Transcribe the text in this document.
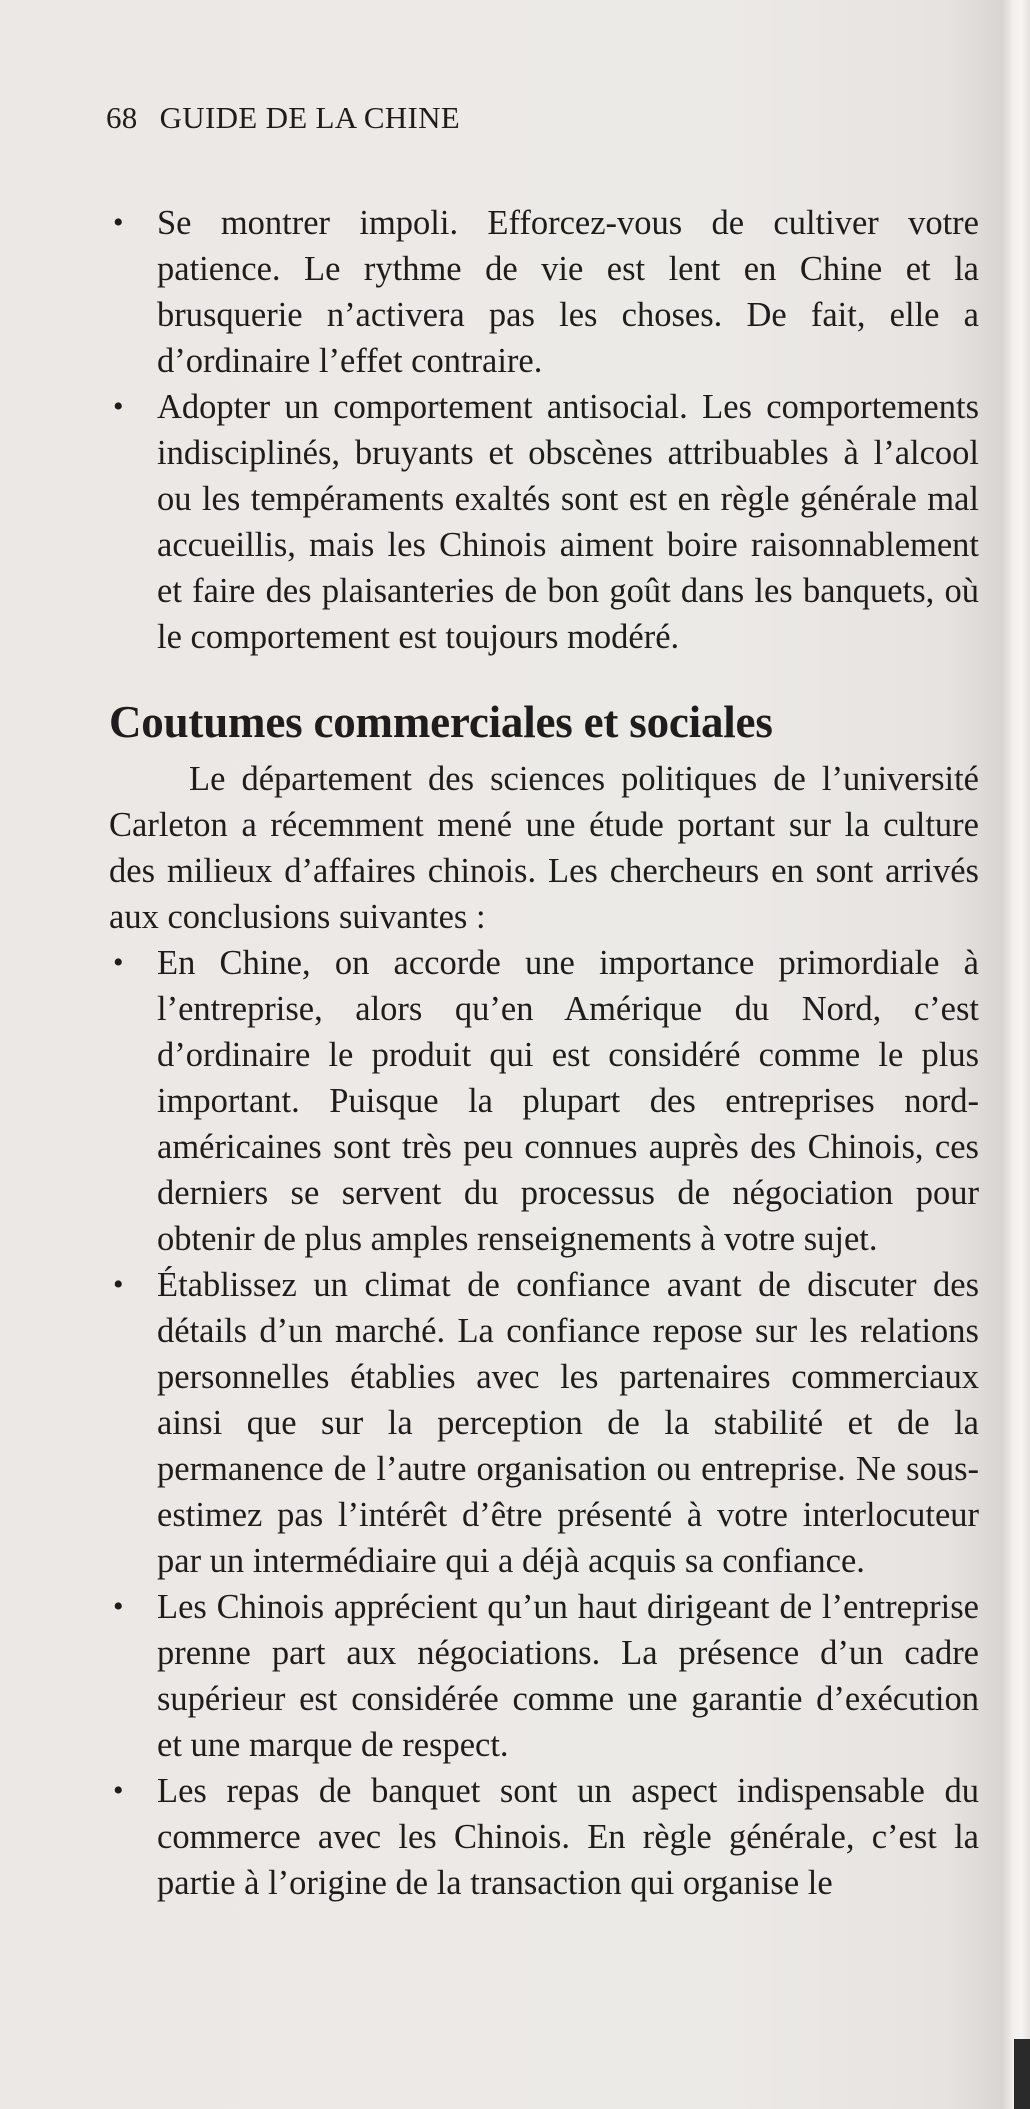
68 GUIDE DE LA CHINE
• Se montrer impoli. Efforcez-vous de cultiver votre patience. Le rythme de vie est lent en Chine et la brusquerie n’activera pas les choses. De fait, elle a d’ordinaire l’effet contraire.
• Adopter un comportement antisocial. Les comportements indisciplinés, bruyants et obscènes attribuables à l’alcool ou les tempéraments exaltés sont est en règle générale mal accueillis, mais les Chinois aiment boire raisonnablement et faire des plaisanteries de bon goût dans les banquets, où le comportement est toujours modéré.
Coutumes commerciales et sociales

Le département des sciences politiques de l’université Carleton a récemment mené une étude portant sur la culture des milieux d’affaires chinois. Les chercheurs en sont arrivés aux conclusions suivantes :

• En Chine, on accorde une importance primordiale à l’entreprise, alors qu’en Amérique du Nord, c’est d’ordinaire le produit qui est considéré comme le plus important. Puisque la plupart des entreprises nord-américaines sont très peu connues auprès des Chinois, ces derniers se servent du processus de négociation pour obtenir de plus amples renseignements à votre sujet.
• Établissez un climat de confiance avant de discuter des détails d’un marché. La confiance repose sur les relations personnelles établies avec les partenaires commerciaux ainsi que sur la perception de la stabilité et de la permanence de l’autre organisation ou entreprise. Ne sous-estimez pas l’intérêt d’être présenté à votre interlocuteur par un intermédiaire qui a déjà acquis sa confiance.
• Les Chinois apprécient qu’un haut dirigeant de l’entreprise prenne part aux négociations. La présence d’un cadre supérieur est considérée comme une garantie d’exécution et une marque de respect.
• Les repas de banquet sont un aspect indispensable du commerce avec les Chinois. En règle générale, c’est la partie à l’origine de la transaction qui organise le
